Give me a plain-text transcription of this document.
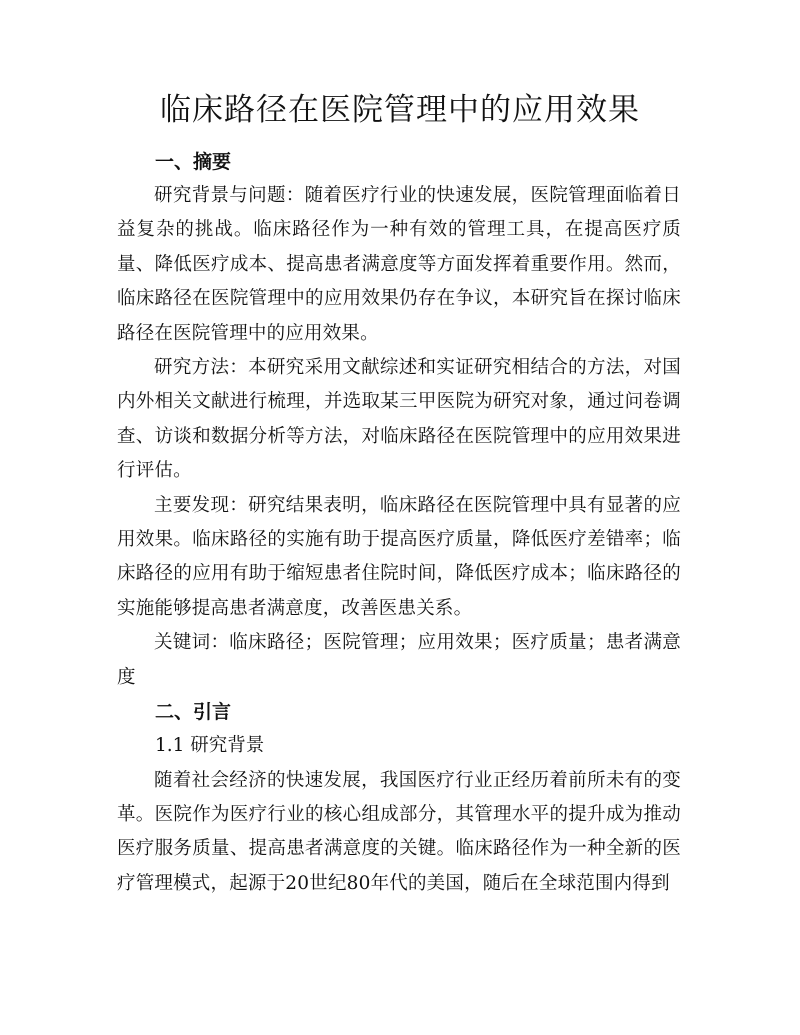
临床路径在医院管理中的应用效果
一、摘要

研究背景与问题：随着医疗行业的快速发展，医院管理面临着日益复杂的挑战。临床路径作为一种有效的管理工具，在提高医疗质量、降低医疗成本、提高患者满意度等方面发挥着重要作用。然而，临床路径在医院管理中的应用效果仍存在争议，本研究旨在探讨临床路径在医院管理中的应用效果。

研究方法：本研究采用文献综述和实证研究相结合的方法，对国内外相关文献进行梳理，并选取某三甲医院为研究对象，通过问卷调查、访谈和数据分析等方法，对临床路径在医院管理中的应用效果进行评估。

主要发现：研究结果表明，临床路径在医院管理中具有显著的应用效果。临床路径的实施有助于提高医疗质量，降低医疗差错率；临床路径的应用有助于缩短患者住院时间，降低医疗成本；临床路径的实施能够提高患者满意度，改善医患关系。

关键词：临床路径；医院管理；应用效果；医疗质量；患者满意度

二、引言

1.1 研究背景

随着社会经济的快速发展，我国医疗行业正经历着前所未有的变革。医院作为医疗行业的核心组成部分，其管理水平的提升成为推动医疗服务质量、提高患者满意度的关键。临床路径作为一种全新的医疗管理模式，起源于20世纪80年代的美国，随后在全球范围内得到
